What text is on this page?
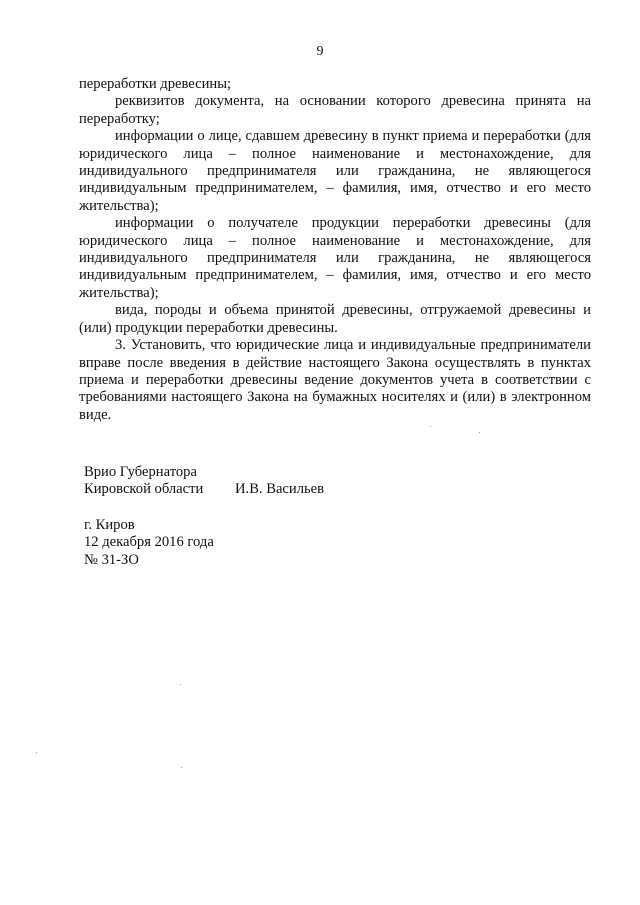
9

переработки древесины;

реквизитов документа, на основании которого древесина принята на переработку;

информации о лице, сдавшем древесину в пункт приема и переработки (для юридического лица – полное наименование и местонахождение, для индивидуального предпринимателя или гражданина, не являющегося индивидуальным предпринимателем, – фамилия, имя, отчество и его место жительства);

информации о получателе продукции переработки древесины (для юридического лица – полное наименование и местонахождение, для индивидуального предпринимателя или гражданина, не являющегося индивидуальным предпринимателем, – фамилия, имя, отчество и его место жительства);

вида, породы и объема принятой древесины, отгружаемой древесины и (или) продукции переработки древесины.

3. Установить, что юридические лица и индивидуальные предприниматели вправе после введения в действие настоящего Закона осуществлять в пунктах приема и переработки древесины ведение документов учета в соответствии с требованиями настоящего Закона на бумажных носителях и (или) в электронном виде.

Врио Губернатора
Кировской области	И.В. Васильев
г. Киров
12 декабря 2016 года
№ 31-ЗО
